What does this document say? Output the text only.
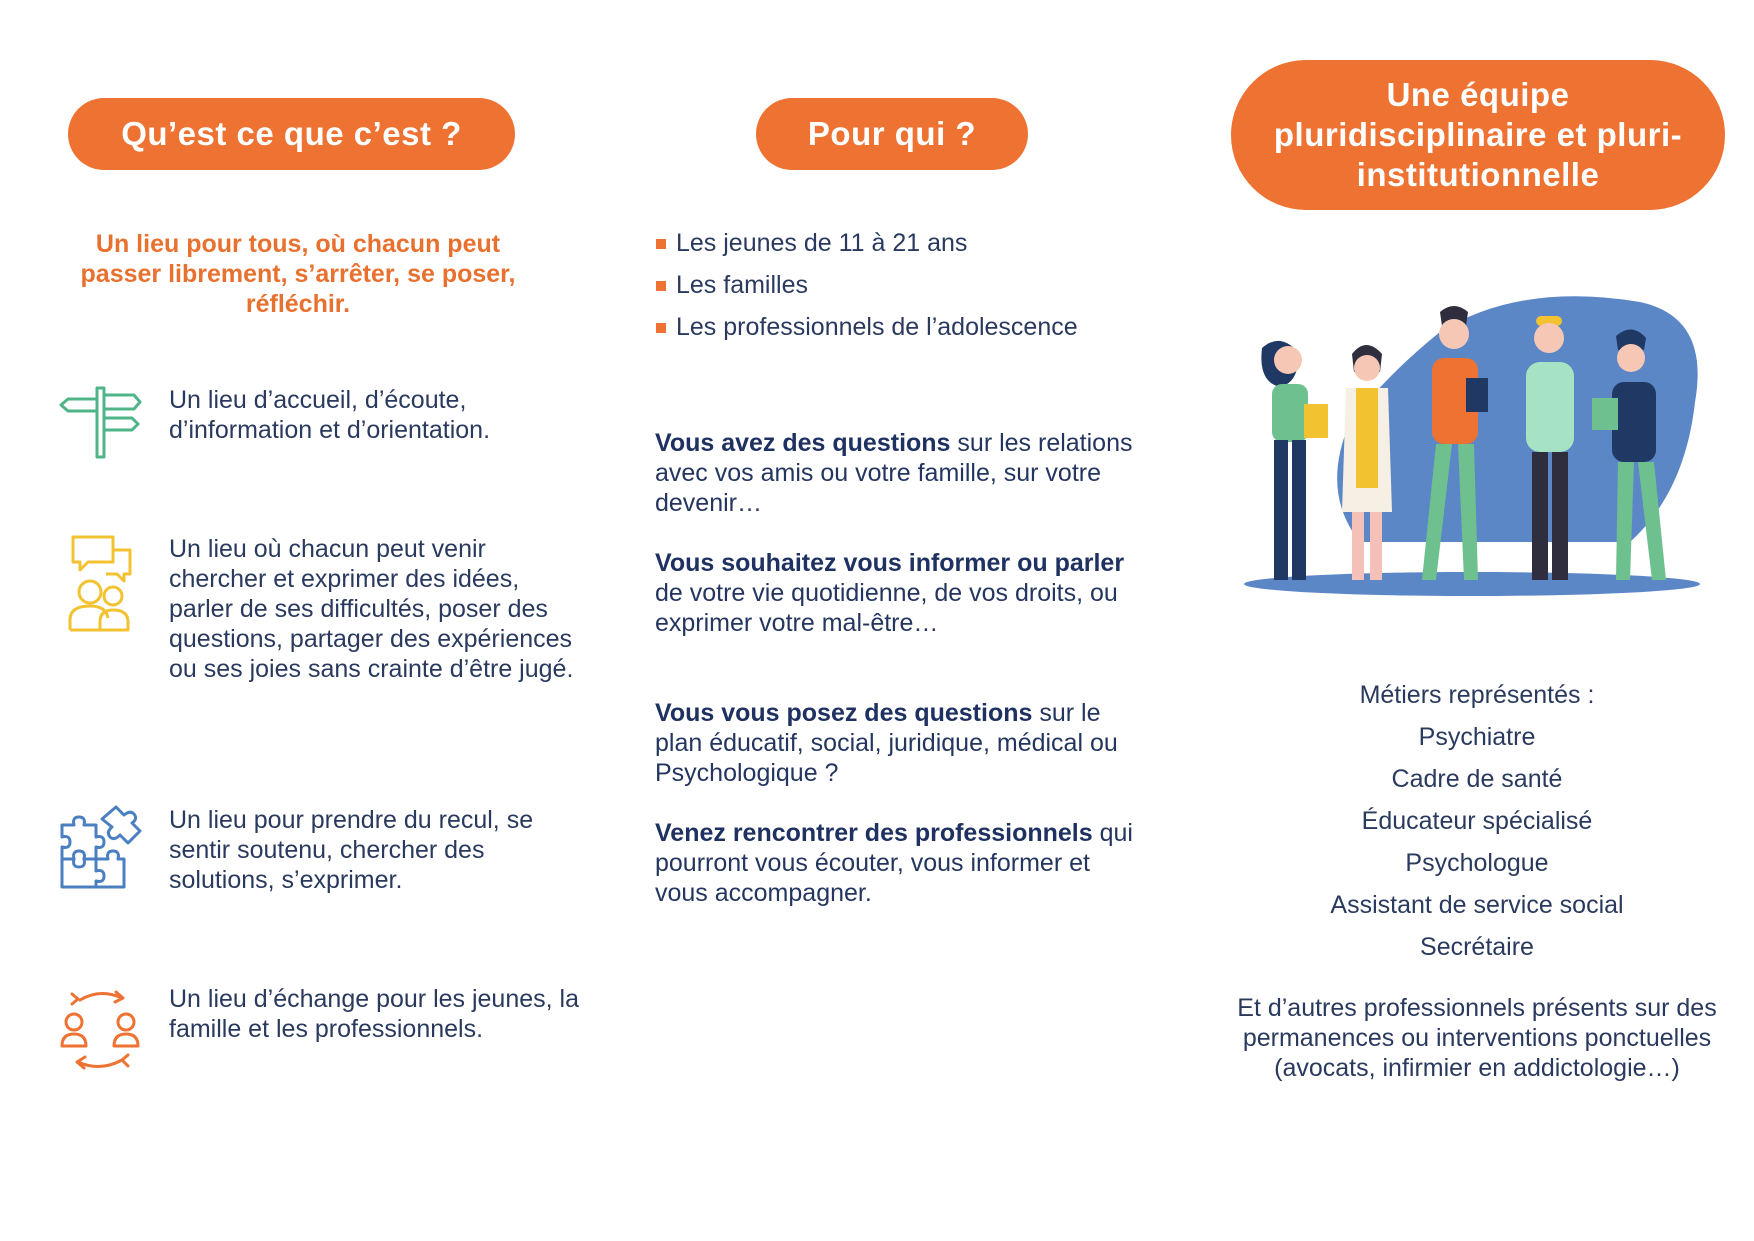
Qu’est ce que c’est ?
Un lieu pour tous, où chacun peut passer librement, s’arrêter, se poser, réfléchir.
Un lieu d’accueil, d’écoute, d’information et d’orientation.
Un lieu où chacun peut venir chercher et exprimer des idées, parler de ses difficultés, poser des questions, partager des expériences ou ses joies sans crainte d’être jugé.
Un lieu pour prendre du recul, se sentir soutenu, chercher des solutions, s’exprimer.
Un lieu d’échange pour les jeunes, la famille et les professionnels.
Pour qui ?
Les jeunes de 11 à 21 ans
Les familles
Les professionnels de l’adolescence
Vous avez des questions sur les relations avec vos amis ou votre famille, sur votre devenir…
Vous souhaitez vous informer ou parler de votre vie quotidienne, de vos droits, ou exprimer votre mal-être…
Vous vous posez des questions sur le plan éducatif, social, juridique, médical ou Psychologique ?
Venez rencontrer des professionnels qui pourront vous écouter, vous informer et vous accompagner.
Une équipe pluridisciplinaire et pluri-institutionnelle
Métiers représentés :
Psychiatre
Cadre de santé
Éducateur spécialisé
Psychologue
Assistant de service social
Secrétaire
Et d’autres professionnels présents sur des permanences ou interventions ponctuelles (avocats, infirmier en addictologie…)
